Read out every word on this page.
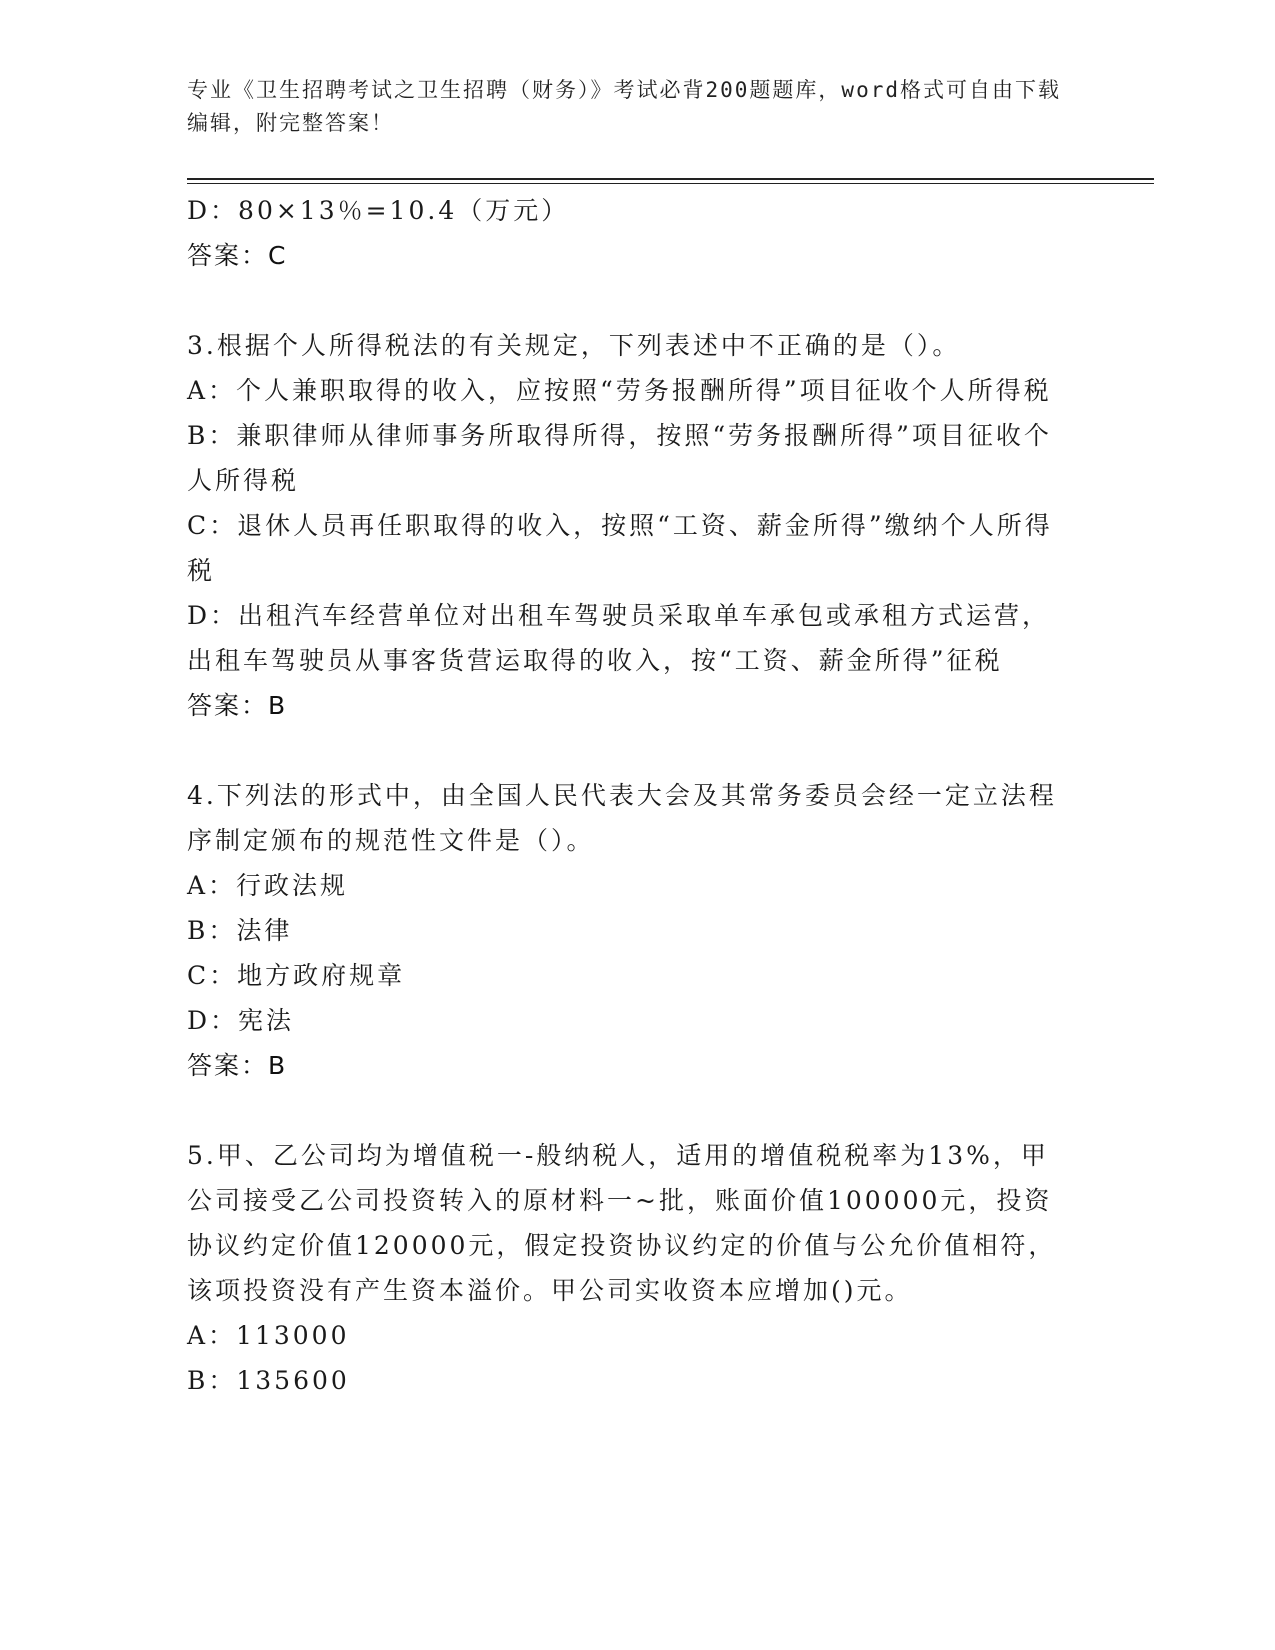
专业《卫生招聘考试之卫生招聘（财务）》考试必背200题题库，word格式可自由下载编辑，附完整答案！
D：80×13％=10.4（万元）
答案：C
3.根据个人所得税法的有关规定，下列表述中不正确的是（）。
A：个人兼职取得的收入，应按照“劳务报酬所得”项目征收个人所得税
B：兼职律师从律师事务所取得所得，按照“劳务报酬所得”项目征收个人所得税
C：退休人员再任职取得的收入，按照“工资、薪金所得”缴纳个人所得税
D：出租汽车经营单位对出租车驾驶员采取单车承包或承租方式运营，出租车驾驶员从事客货营运取得的收入，按“工资、薪金所得”征税
答案：B
4.下列法的形式中，由全国人民代表大会及其常务委员会经一定立法程序制定颁布的规范性文件是（）。
A：行政法规
B：法律
C：地方政府规章
D：宪法
答案：B
5.甲、乙公司均为增值税一-般纳税人，适用的增值税税率为13%，甲公司接受乙公司投资转入的原材料一~批，账面价值100000元，投资协议约定价值120000元，假定投资协议约定的价值与公允价值相符，该项投资没有产生资本溢价。甲公司实收资本应增加()元。
A：113000
B：135600
